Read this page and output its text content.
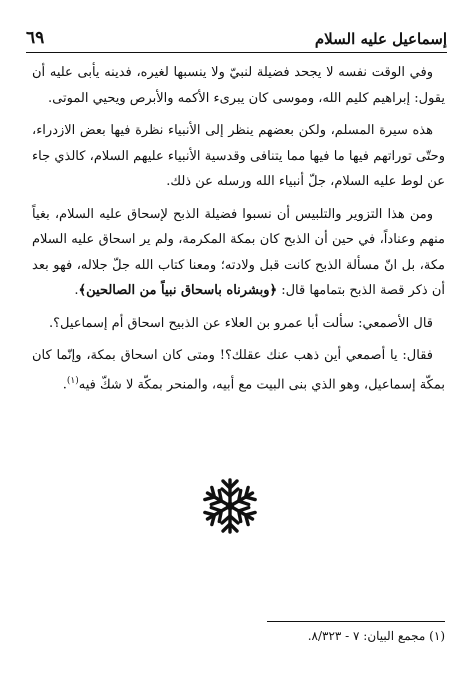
إسماعيل عليه السلام
٦٩

وفي الوقت نفسه لا يجحد فضيلة لنبيّ ولا ينسبها لغيره، فدينه يأبى عليه أن يقول: إبراهيم كليم الله، وموسى كان يبرىء الأكمه والأبرص ويحيي الموتى.

هذه سيرة المسلم، ولكن بعضهم ينظر إلى الأنبياء نظرة فيها بعض الازدراء، وحتّى توراتهم فيها ما فيها مما يتنافى وقدسية الأنبياء عليهم السلام، كالذي جاء عن لوط عليه السلام، جلّ أنبياء الله ورسله عن ذلك.

ومن هذا التزوير والتلبيس أن نسبوا فضيلة الذبح لإسحاق عليه السلام، بغياً منهم وعناداً، في حين أن الذبح كان بمكة المكرمة، ولم ير اسحاق عليه السلام مكة، بل انّ مسألة الذبح كانت قبل ولادته؛ ومعنا كتاب الله جلّ جلاله، فهو بعد أن ذكر قصة الذبح بتمامها قال: ﴿وبشرناه باسحاق نبياً من الصالحين﴾.

قال الأصمعي: سألت أبا عمرو بن العلاء عن الذبيح اسحاق أم إسماعيل؟.

فقال: يا أصمعي أين ذهب عنك عقلك؟! ومتى كان اسحاق بمكة، وإنّما كان بمكّة إسماعيل، وهو الذي بنى البيت مع أبيه، والمنحر بمكّة لا شكّ فيه$^{(١)}$.

(١) مجمع البيان: ٧ - ٨/٣٢٣.
